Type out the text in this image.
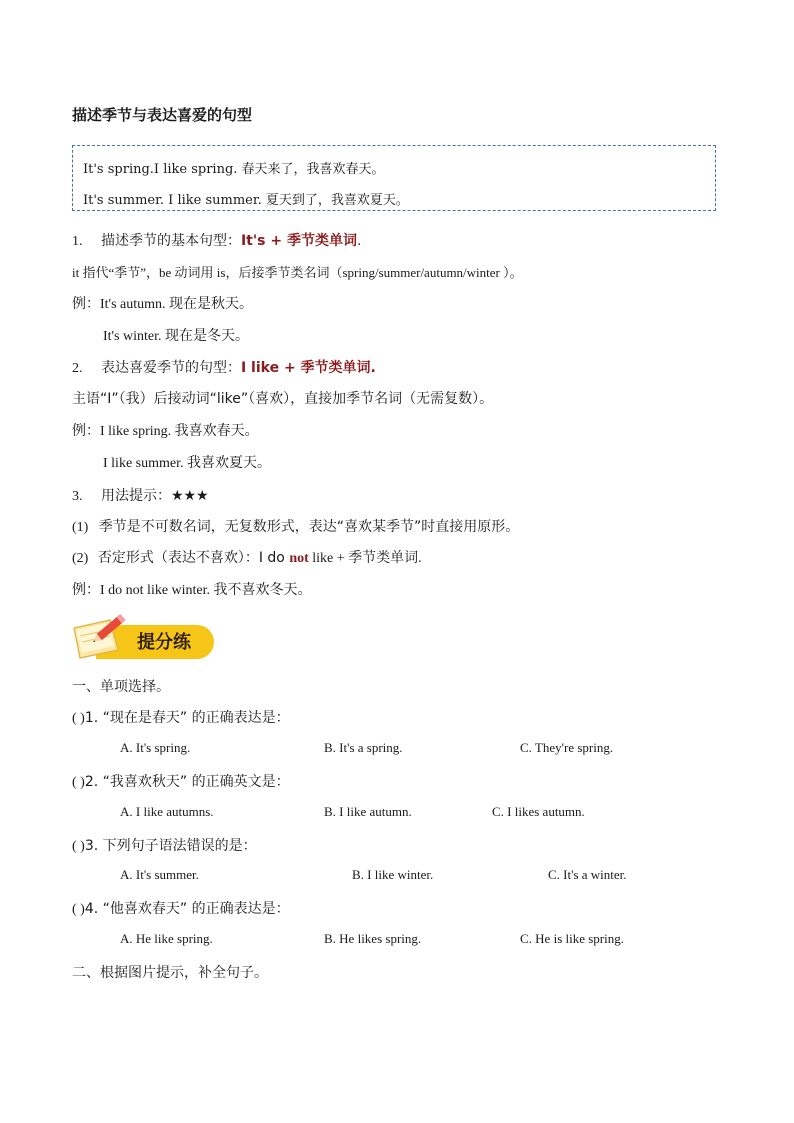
描述季节与表达喜爱的句型
It's spring.I like spring. 春天来了，我喜欢春天。
It's summer. I like summer. 夏天到了，我喜欢夏天。
1. 描述季节的基本句型：It's + 季节类单词.
it 指代“季节”，be 动词用 is，后接季节类名词（spring/summer/autumn/winter ）。
例：It's autumn. 现在是秋天。
It's winter. 现在是冬天。
2. 表达喜爱季节的句型：I like + 季节类单词.
主语“I”（我）后接动词“like”（喜欢），直接加季节名词（无需复数）。
例：I like spring. 我喜欢春天。
I like summer. 我喜欢夏天。
3. 用法提示：★★★
(1) 季节是不可数名词，无复数形式，表达“喜欢某季节”时直接用原形。
(2) 否定形式（表达不喜欢）：I do not like + 季节类单词.
例：I do not like winter. 我不喜欢冬天。
提分练
一、单项选择。
( )1. “现在是春天” 的正确表达是：
A. It's spring.	B. It's a spring.	C. They're spring.
( )2. “我喜欢秋天” 的正确英文是：
A. I like autumns.	B. I like autumn.	C. I likes autumn.
( )3. 下列句子语法错误的是：
A. It's summer.	B. I like winter.	C. It's a winter.
( )4. “他喜欢春天” 的正确表达是：
A. He like spring.	B. He likes spring.	C. He is like spring.
二、根据图片提示，补全句子。
